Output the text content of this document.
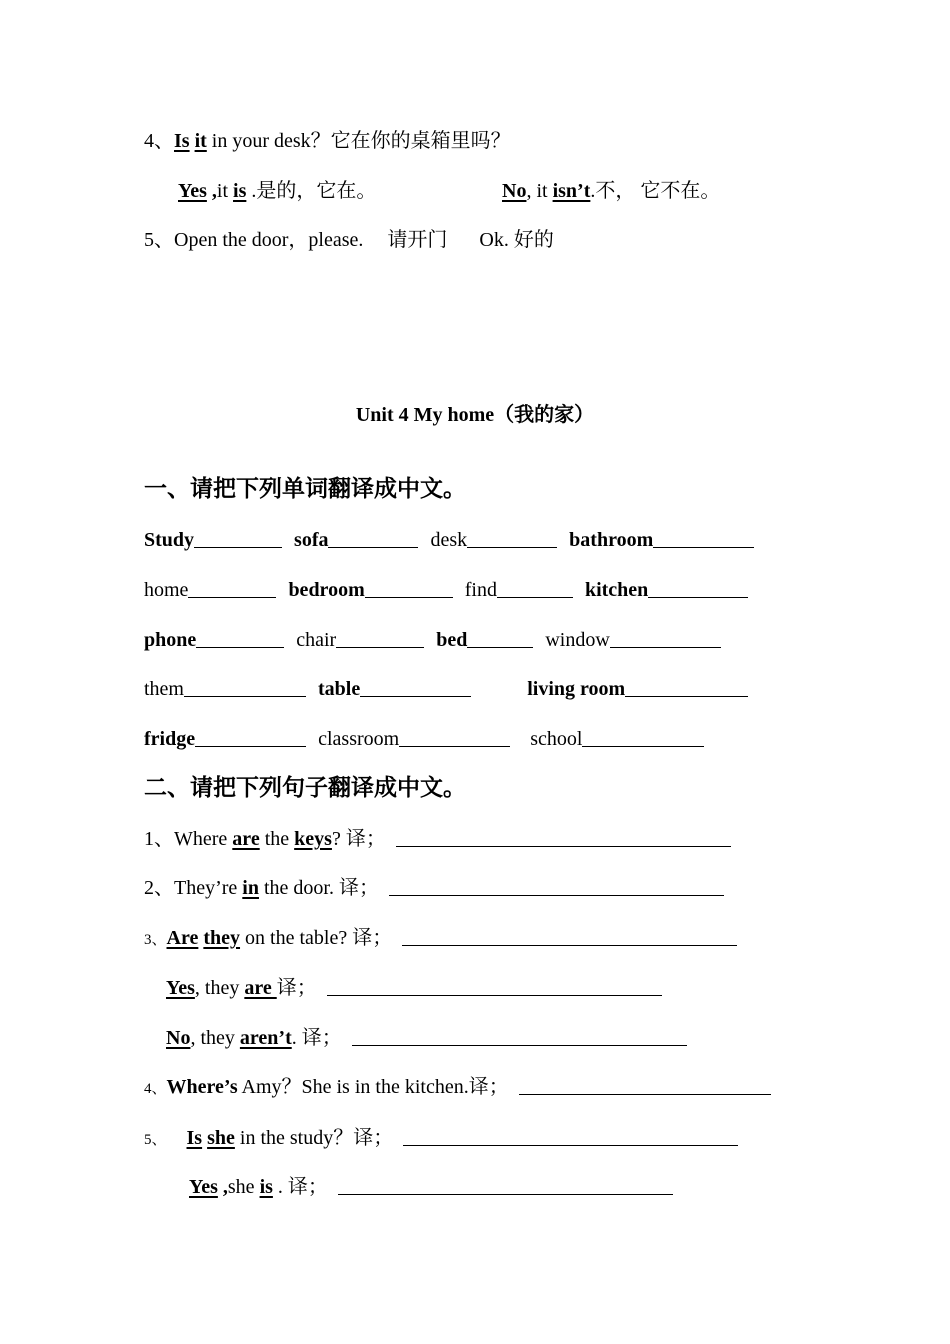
4、Is it in your desk？它在你的桌箱里吗？
Yes ,it is .是的，它在。	No, it isn’t.不， 它不在。
5、Open the door，please. 请开门 Ok. 好的
Unit 4 My home（我的家）
一、请把下列单词翻译成中文。
Study	sofa	desk	bathroom
home	bedroom	find	kitchen
phone	chair	bed	window
them	table	living room
fridge	classroom	school
二、请把下列句子翻译成中文。
1、Where are the keys? 译；
2、They’re in the door. 译；
3、Are they on the table? 译；
Yes, they are 译；
No, they aren’t. 译；
4、Where’s Amy？She is in the kitchen.译；
5、 Is she in the study？译；
Yes ,she is . 译；
